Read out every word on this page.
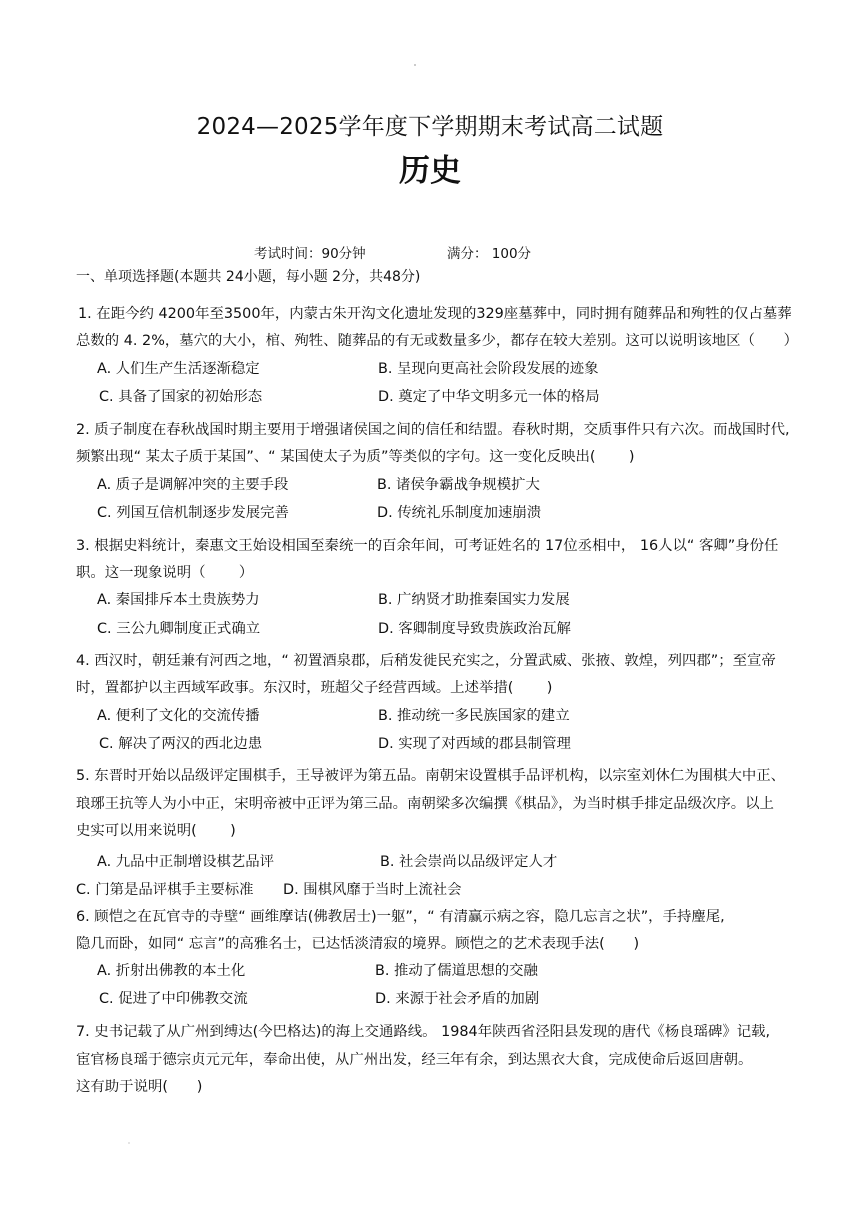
2024—2025学年度下学期期末考试高二试题
历史
考试时间：90分钟	满分： 100分
一、单项选择题(本题共 24小题，每小题 2分，共48分)
1. 在距今约 4200年至3500年，内蒙古朱开沟文化遗址发现的329座墓葬中，同时拥有随葬品和殉牲的仅占墓葬
总数的 4. 2%，墓穴的大小，棺、殉牲、随葬品的有无或数量多少，都存在较大差别。这可以说明该地区（　　）
A. 人们生产生活逐渐稳定	B. 呈现向更高社会阶段发展的迹象
C. 具备了国家的初始形态	D. 奠定了中华文明多元一体的格局
2. 质子制度在春秋战国时期主要用于增强诸侯国之间的信任和结盟。春秋时期，交质事件只有六次。而战国时代,
频繁出现“ 某太子质于某国”、“ 某国使太子为质”等类似的字句。这一变化反映出(　　 )
A. 质子是调解冲突的主要手段	B. 诸侯争霸战争规模扩大
C. 列国互信机制逐步发展完善	D. 传统礼乐制度加速崩溃
3. 根据史料统计，秦惠文王始设相国至秦统一的百余年间，可考证姓名的 17位丞相中， 16人以“ 客卿”身份任
职。这一现象说明（　　 ）
A. 秦国排斥本土贵族势力	B. 广纳贤才助推秦国实力发展
C. 三公九卿制度正式确立	D. 客卿制度导致贵族政治瓦解
4. 西汉时，朝廷兼有河西之地，“ 初置酒泉郡，后稍发徙民充实之，分置武威、张掖、敦煌，列四郡”；至宣帝
时，置都护以主西域军政事。东汉时，班超父子经营西域。上述举措(　　 )
A. 便利了文化的交流传播	B. 推动统一多民族国家的建立
C. 解决了两汉的西北边患	D. 实现了对西域的郡县制管理
5. 东晋时开始以品级评定围棋手，王导被评为第五品。南朝宋设置棋手品评机构，以宗室刘休仁为围棋大中正、
琅琊王抗等人为小中正，宋明帝被中正评为第三品。南朝梁多次编撰《棋品》，为当时棋手排定品级次序。以上
史实可以用来说明(　　 )
A. 九品中正制增设棋艺品评	B. 社会崇尚以品级评定人才
C. 门第是品评棋手主要标准 D. 围棋风靡于当时上流社会
6. 顾恺之在瓦官寺的寺壁“ 画维摩诘(佛教居士)一躯”，“ 有清赢示病之容，隐几忘言之状”，手持麈尾,
隐几而卧，如同“ 忘言”的高雅名士，已达恬淡清寂的境界。顾恺之的艺术表现手法(　　)
A. 折射出佛教的本土化	B. 推动了儒道思想的交融
C. 促进了中印佛教交流	D. 来源于社会矛盾的加剧
7. 史书记载了从广州到缚达(今巴格达)的海上交通路线。 1984年陕西省泾阳县发现的唐代《杨良瑶碑》记载,
宦官杨良瑶于德宗贞元元年，奉命出使，从广州出发，经三年有余，到达黑衣大食，完成使命后返回唐朝。
这有助于说明(　　)
